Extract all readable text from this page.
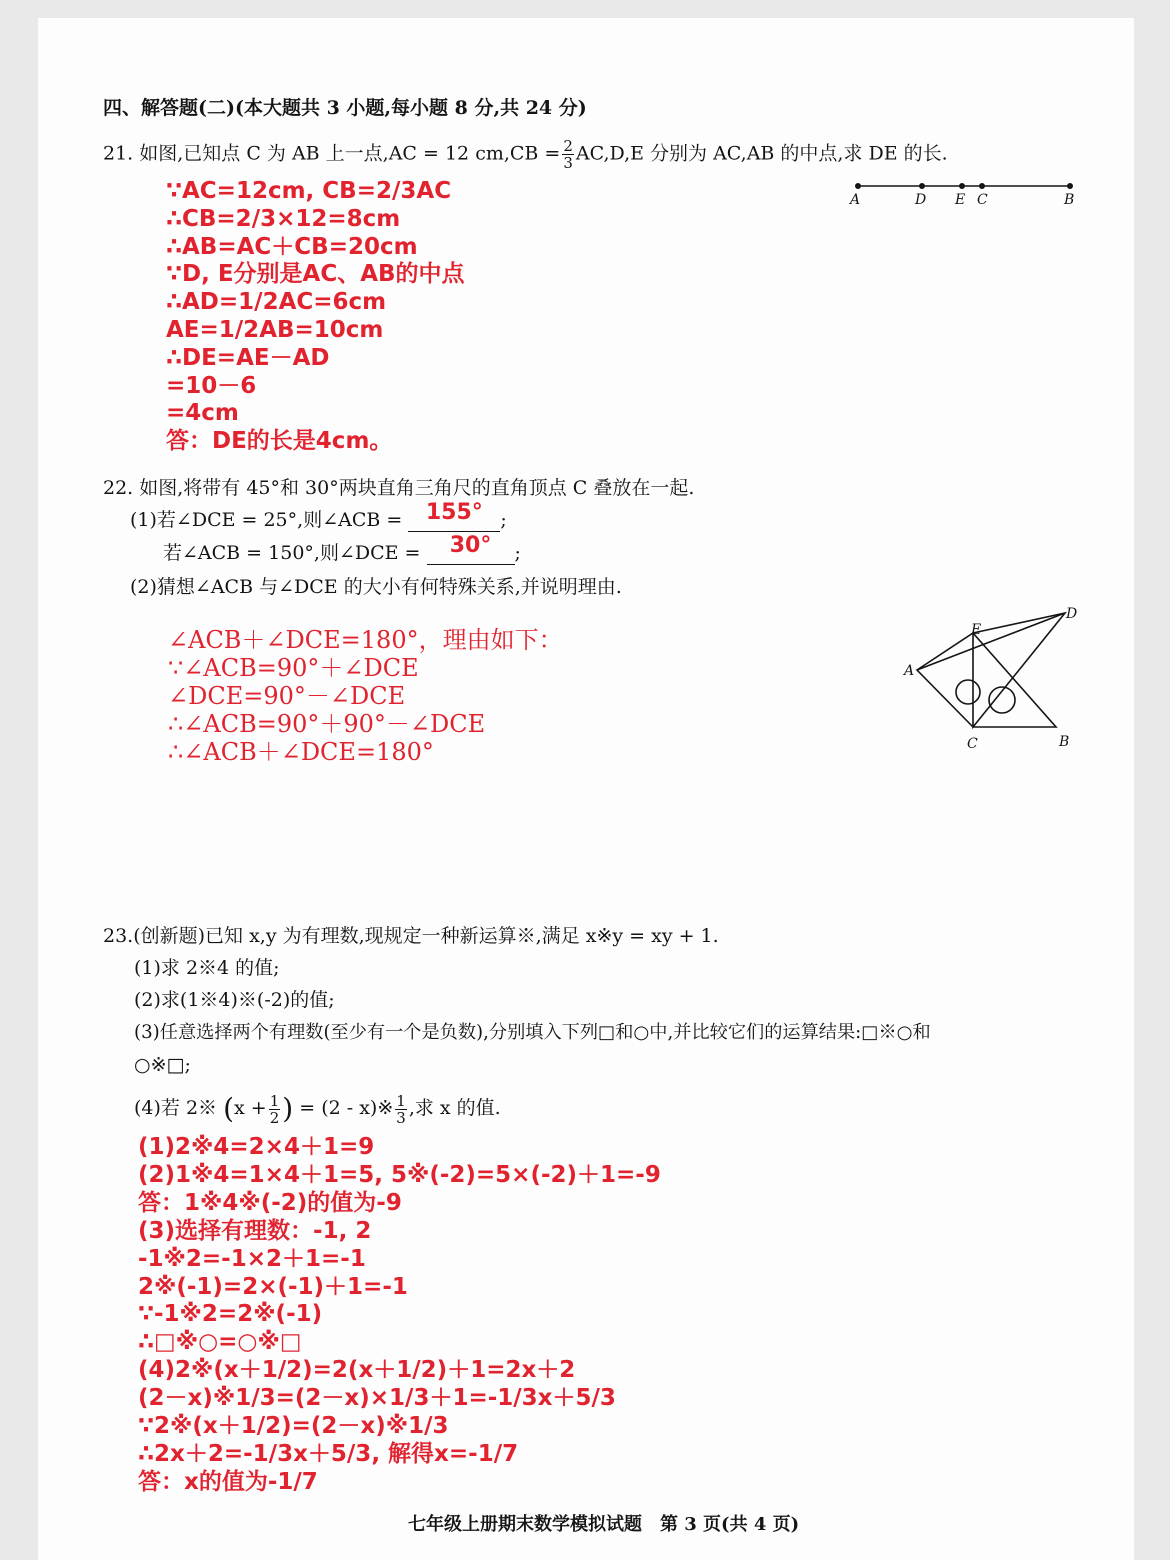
四、解答题(二)(本大题共 3 小题,每小题 8 分,共 24 分)
21. 如图,已知点 C 为 AB 上一点,AC = 12 $cm,CB = \frac{2}{3} AC,D,E$ 分别为 AC,AB 的中点,求 DE 的长.
A	D E C	B
∵AC=12cm, CB=2/3AC
∴CB=2/3×12=8cm
∴AB=AC＋CB=20cm
∵D, E分别是AC、AB的中点
∴AD=1/2AC=6cm
AE=1/2AB=10cm
∴DE=AE－AD
=10－6
=4cm
答：DE的长是4cm。
22. 如图,将带有 45°和 30°两块直角三角尺的直角顶点 C 叠放在一起.
(1)若∠DCE = 25°,则∠ACB =	155° ;
若∠ACB = 150°,则∠DCE =	30°	;
(2)猜想∠ACB 与∠DCE 的大小有何特殊关系,并说明理由.
A
E
D
C	B
∠ACB＋∠DCE=180°，理由如下：
∵∠ACB=90°＋∠DCE
∠DCE=90°－∠DCE
∴∠ACB=90°＋90°－∠DCE
∴∠ACB＋∠DCE=180°
23.(创新题)已知 x,y 为有理数,现规定一种新运算※,满足 x※y = xy + 1.
(1)求 2※4 的值;
(2)求(1※4)※(-2)的值;
(3)任意选择两个有理数(至少有一个是负数),分别填入下列□和○中,并比较它们的运算结果:□※○和
○※□;
(4)若 2※ ($x + \frac{1}{2}$ ) = (2 - x)※ $\frac{1}{3}$ ,求 x 的值.
(1)2※4=2×4＋1=9
(2)1※4=1×4＋1=5, 5※(-2)=5×(-2)＋1=-9
答：1※4※(-2)的值为-9
(3)选择有理数：-1, 2
-1※2=-1×2＋1=-1
2※(-1)=2×(-1)＋1=-1
∵-1※2=2※(-1)
∴□※○=○※□
(4)2※(x＋1/2)=2(x＋1/2)＋1=2x＋2
(2－x)※1/3=(2－x)×1/3＋1=-1/3x＋5/3
∵2※(x＋1/2)=(2－x)※1/3
∴2x＋2=-1/3x＋5/3, 解得x=-1/7
答：x的值为-1/7
七年级上册期末数学模拟试题　第 3 页(共 4 页)
